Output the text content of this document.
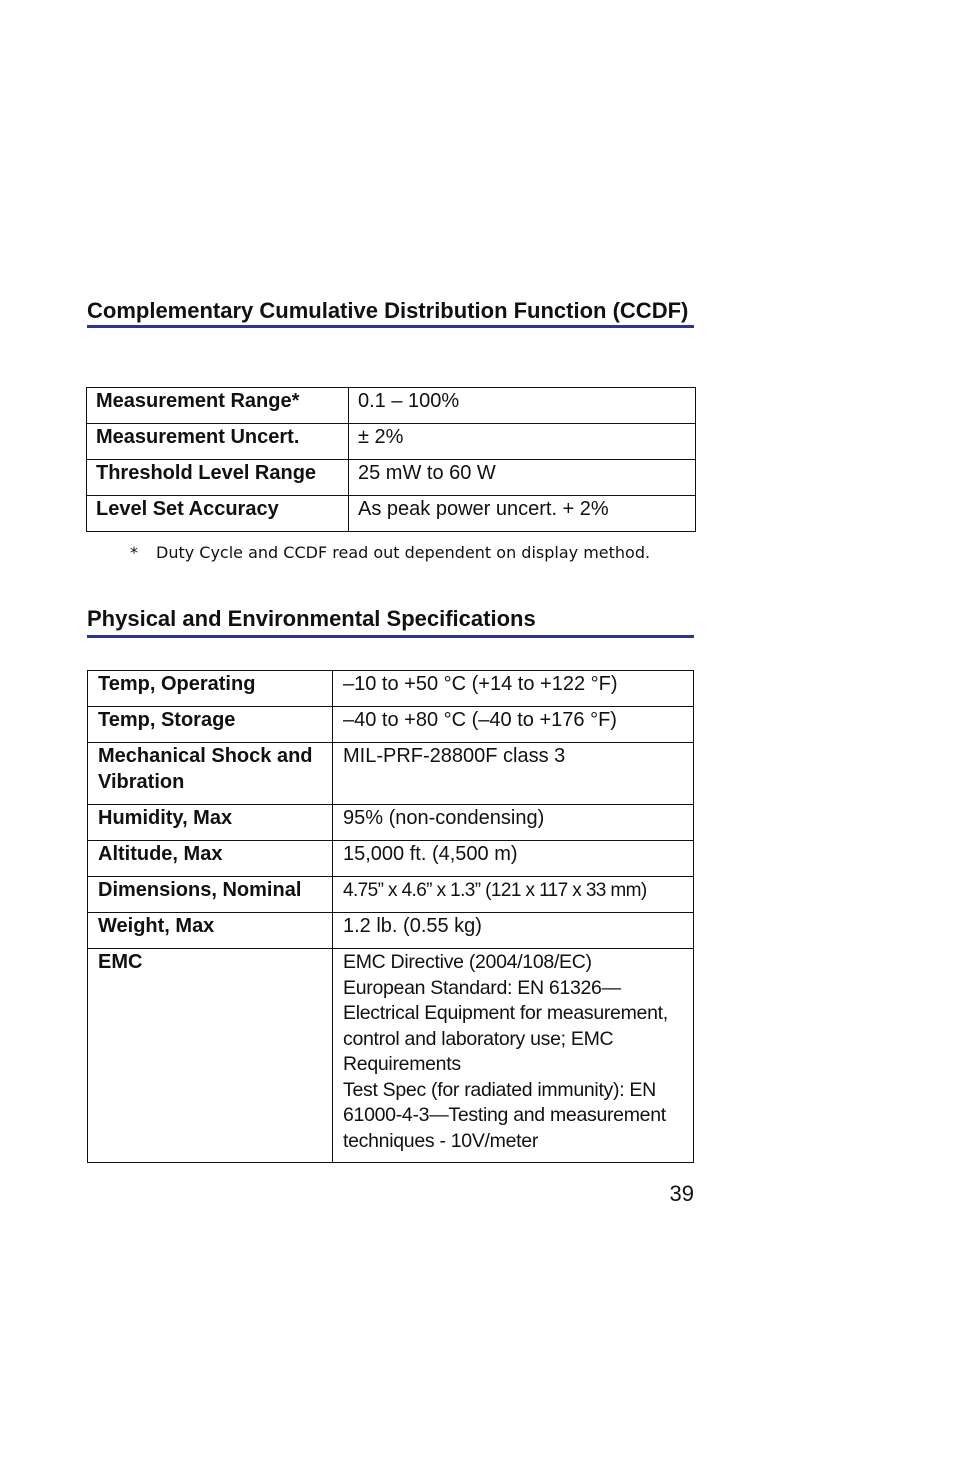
Complementary Cumulative Distribution Function (CCDF)
Measurement Range*	0.1 – 100%
Measurement Uncert.	± 2%
Threshold Level Range	25 mW to 60 W
Level Set Accuracy	As peak power uncert. + 2%
* Duty Cycle and CCDF read out dependent on display method.
Physical and Environmental Specifications
Temp, Operating	–10 to +50 °C (+14 to +122 °F)
Temp, Storage	–40 to +80 °C (–40 to +176 °F)
Mechanical Shock and Vibration	MIL-PRF-28800F class 3
Humidity, Max	95% (non-condensing)
Altitude, Max	15,000 ft. (4,500 m)
Dimensions, Nominal	4.75” x 4.6” x 1.3” (121 x 117 x 33 mm)
Weight, Max	1.2 lb. (0.55 kg)
EMC	EMC Directive (2004/108/EC)
European Standard: EN 61326— Electrical Equipment for measurement, control and laboratory use; EMC Requirements
Test Spec (for radiated immunity): EN 61000-4-3—Testing and measurement techniques - 10V/meter
39
